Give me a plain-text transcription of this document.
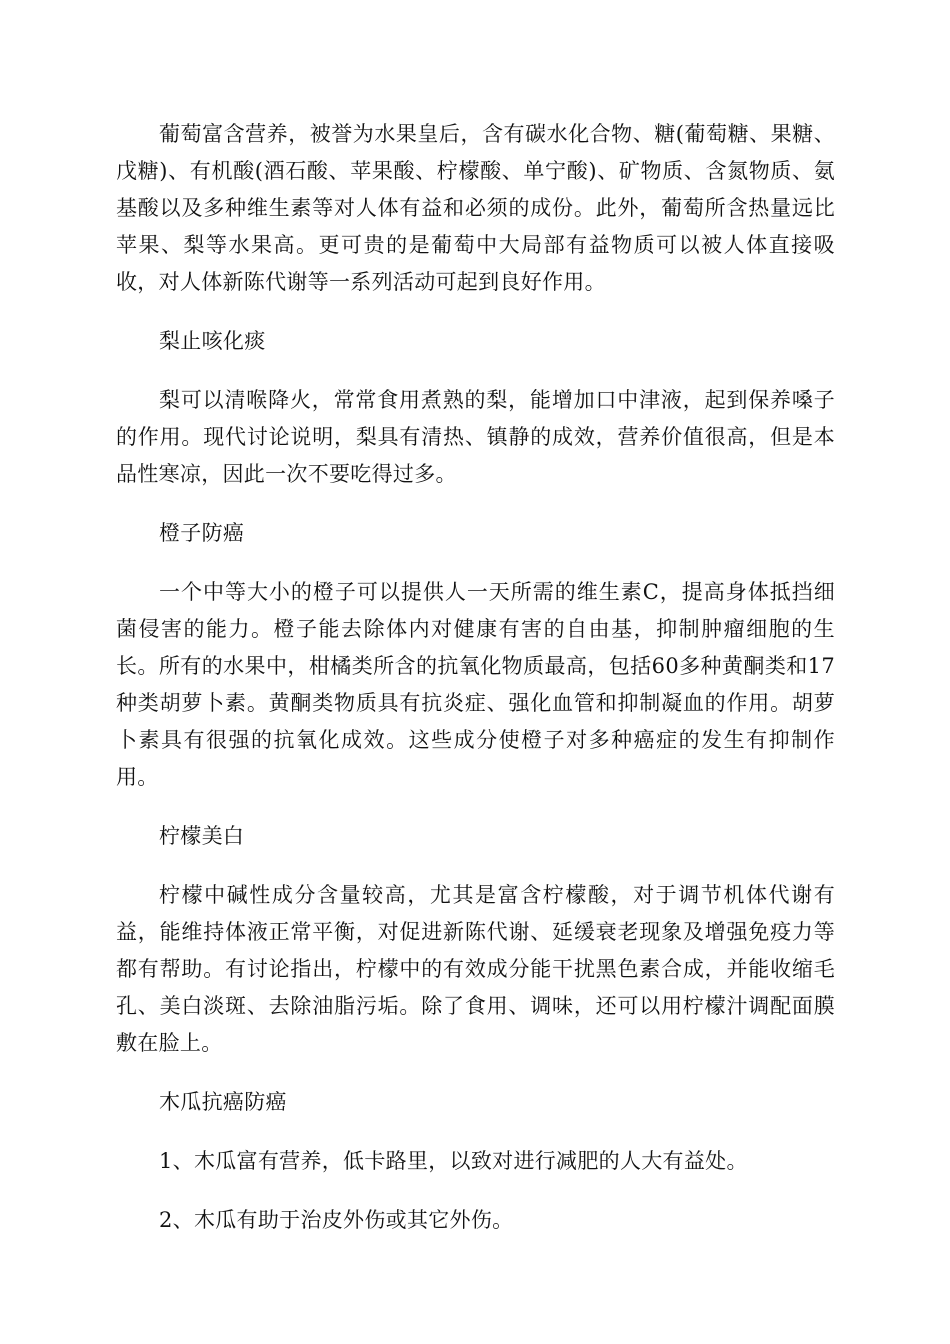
葡萄富含营养，被誉为水果皇后，含有碳水化合物、糖(葡萄糖、果糖、戊糖)、有机酸(酒石酸、苹果酸、柠檬酸、单宁酸)、矿物质、含氮物质、氨基酸以及多种维生素等对人体有益和必须的成份。此外，葡萄所含热量远比苹果、梨等水果高。更可贵的是葡萄中大局部有益物质可以被人体直接吸收，对人体新陈代谢等一系列活动可起到良好作用。

梨止咳化痰

梨可以清喉降火，常常食用煮熟的梨，能增加口中津液，起到保养嗓子的作用。现代讨论说明，梨具有清热、镇静的成效，营养价值很高，但是本品性寒凉，因此一次不要吃得过多。

橙子防癌

一个中等大小的橙子可以提供人一天所需的维生素C，提高身体抵挡细菌侵害的能力。橙子能去除体内对健康有害的自由基，抑制肿瘤细胞的生长。所有的水果中，柑橘类所含的抗氧化物质最高，包括60多种黄酮类和17种类胡萝卜素。黄酮类物质具有抗炎症、强化血管和抑制凝血的作用。胡萝卜素具有很强的抗氧化成效。这些成分使橙子对多种癌症的发生有抑制作用。

柠檬美白

柠檬中碱性成分含量较高，尤其是富含柠檬酸，对于调节机体代谢有益，能维持体液正常平衡，对促进新陈代谢、延缓衰老现象及增强免疫力等都有帮助。有讨论指出，柠檬中的有效成分能干扰黑色素合成，并能收缩毛孔、美白淡斑、去除油脂污垢。除了食用、调味，还可以用柠檬汁调配面膜敷在脸上。

木瓜抗癌防癌

1、木瓜富有营养，低卡路里，以致对进行减肥的人大有益处。

2、木瓜有助于治皮外伤或其它外伤。
